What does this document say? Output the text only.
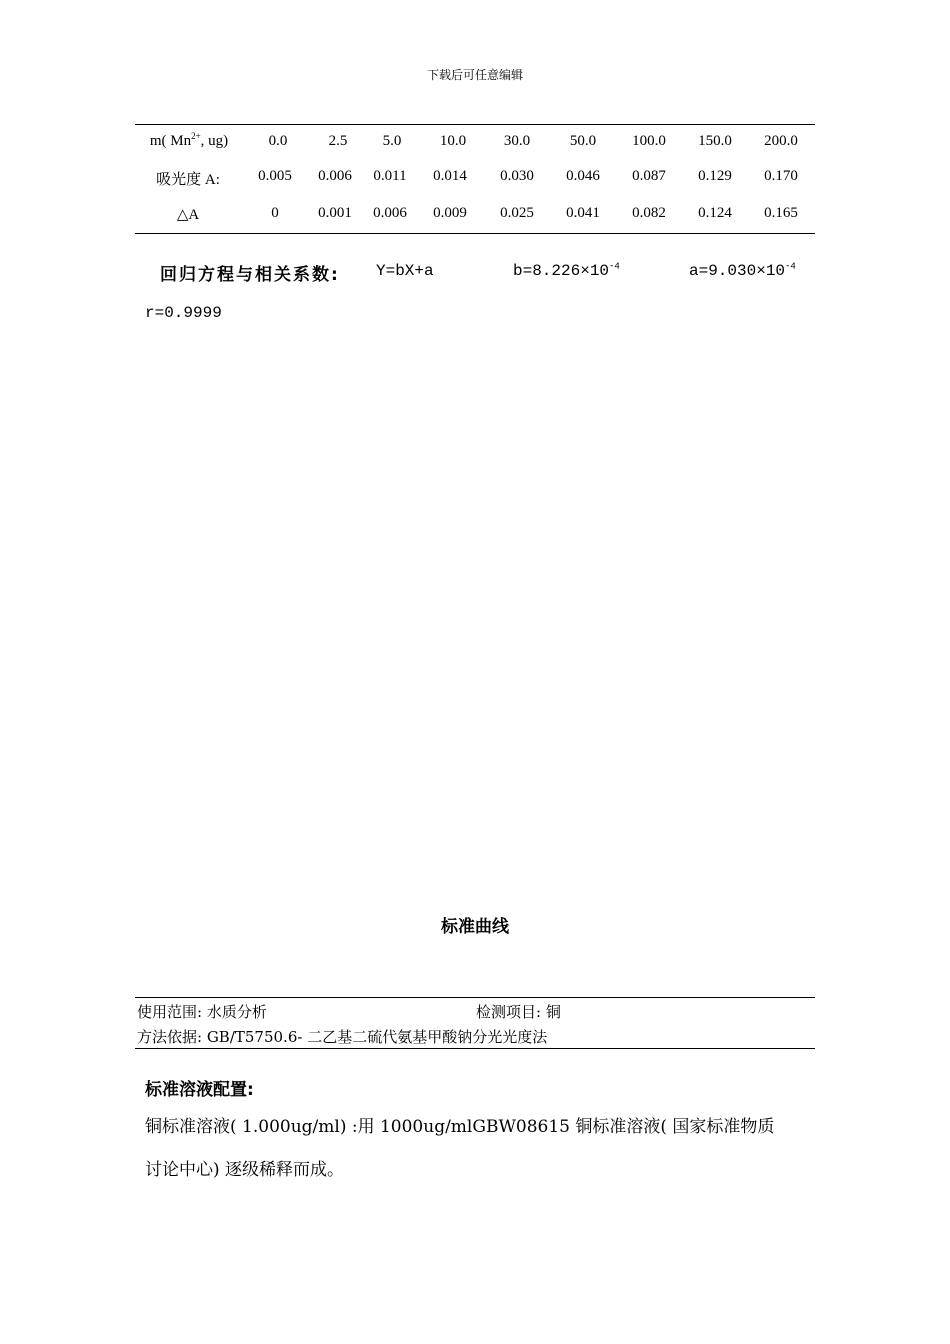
下载后可任意编辑
m( $Mn^{2+}$, ug)	0.0	2.5	5.0	10.0	30.0	50.0	100.0	150.0	200.0
吸光度 A:	0.005	0.006	0.011	0.014	0.030	0.046	0.087	0.129	0.170
△A	0	0.001	0.006	0.009	0.025	0.041	0.082	0.124	0.165
回归方程与相关系数: Y=bX+a	$b=8.226\times 10^{-4}$	$a=9.030\times 10^{-4}$
r=0.9999
标准曲线
使用范围: 水质分析	检测项目: 铜
方法依据: GB/T5750.6- 二乙基二硫代氨基甲酸钠分光光度法
标准溶液配置:
铜标准溶液( 1.000ug/ml) :用 1000ug/mlGBW08615 铜标准溶液( 国家标准物质
讨论中心) 逐级稀释而成。
